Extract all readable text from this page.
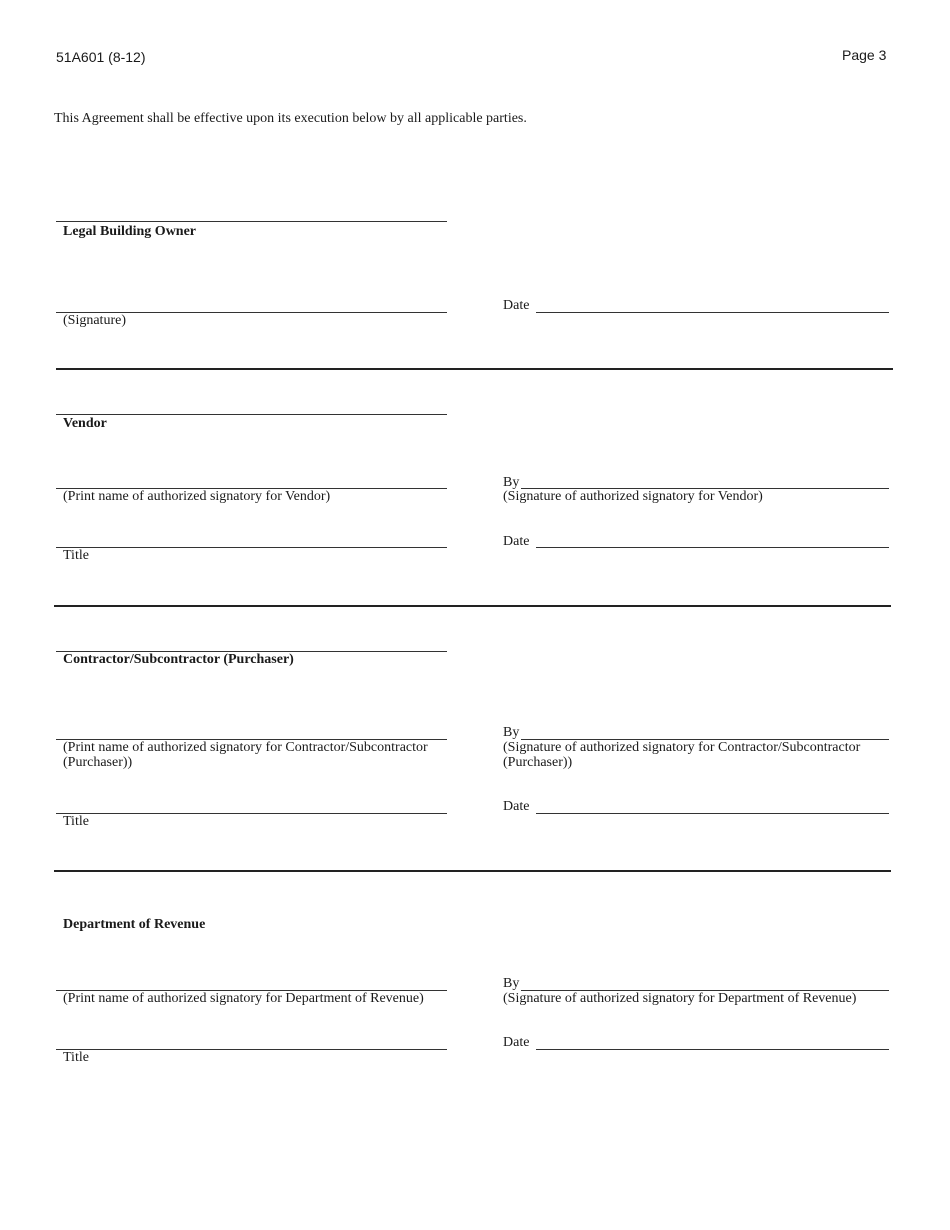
51A601 (8-12)	Page 3
This Agreement shall be effective upon its execution below by all applicable parties.
Legal Building Owner
(Signature)
Date
Vendor
(Print name of authorized signatory for Vendor)
By
(Signature of authorized signatory for Vendor)
Title
Date
Contractor/Subcontractor (Purchaser)
(Print name of authorized signatory for Contractor/Subcontractor
(Purchaser))
By
(Signature of authorized signatory for Contractor/Subcontractor
(Purchaser))
Title
Date
Department of Revenue
(Print name of authorized signatory for Department of Revenue)
By
(Signature of authorized signatory for Department of Revenue)
Title
Date
